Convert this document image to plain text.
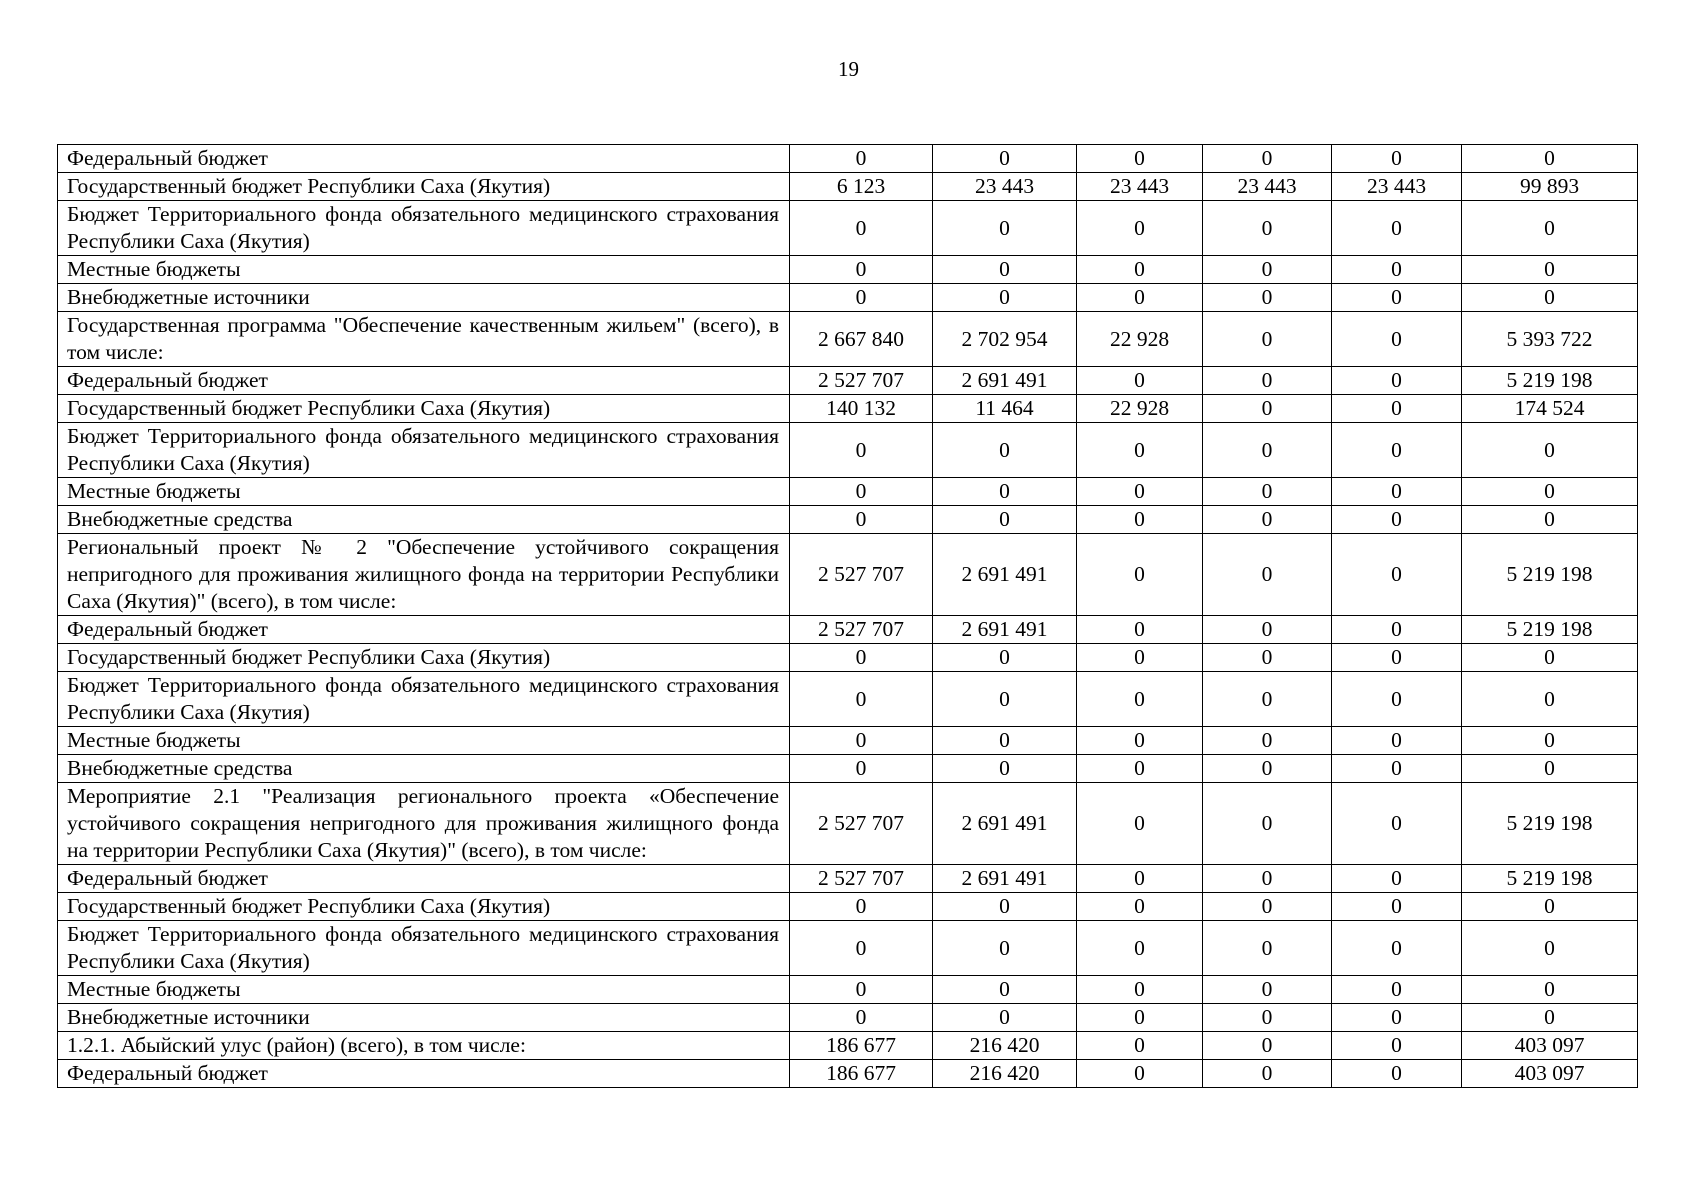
19
Федеральный бюджет	0	0	0	0	0	0
Государственный бюджет Республики Саха (Якутия)	6 123	23 443	23 443	23 443	23 443	99 893
Бюджет Территориального фонда обязательного медицинского страхования Республики Саха (Якутия)	0	0	0	0	0	0
Местные бюджеты	0	0	0	0	0	0
Внебюджетные источники	0	0	0	0	0	0
Государственная программа "Обеспечение качественным жильем" (всего), в том числе:	2 667 840	2 702 954	22 928	0	0	5 393 722
Федеральный бюджет	2 527 707	2 691 491	0	0	0	5 219 198
Государственный бюджет Республики Саха (Якутия)	140 132	11 464	22 928	0	0	174 524
Бюджет Территориального фонда обязательного медицинского страхования Республики Саха (Якутия)	0	0	0	0	0	0
Местные бюджеты	0	0	0	0	0	0
Внебюджетные средства	0	0	0	0	0	0
Региональный проект № 2 "Обеспечение устойчивого сокращения непригодного для проживания жилищного фонда на территории Республики Саха (Якутия)" (всего), в том числе:	2 527 707	2 691 491	0	0	0	5 219 198
Федеральный бюджет	2 527 707	2 691 491	0	0	0	5 219 198
Государственный бюджет Республики Саха (Якутия)	0	0	0	0	0	0
Бюджет Территориального фонда обязательного медицинского страхования Республики Саха (Якутия)	0	0	0	0	0	0
Местные бюджеты	0	0	0	0	0	0
Внебюджетные средства	0	0	0	0	0	0
Мероприятие 2.1 "Реализация регионального проекта «Обеспечение устойчивого сокращения непригодного для проживания жилищного фонда на территории Республики Саха (Якутия)" (всего), в том числе:	2 527 707	2 691 491	0	0	0	5 219 198
Федеральный бюджет	2 527 707	2 691 491	0	0	0	5 219 198
Государственный бюджет Республики Саха (Якутия)	0	0	0	0	0	0
Бюджет Территориального фонда обязательного медицинского страхования Республики Саха (Якутия)	0	0	0	0	0	0
Местные бюджеты	0	0	0	0	0	0
Внебюджетные источники	0	0	0	0	0	0
1.2.1. Абыйский улус (район) (всего), в том числе:	186 677	216 420	0	0	0	403 097
Федеральный бюджет	186 677	216 420	0	0	0	403 097
